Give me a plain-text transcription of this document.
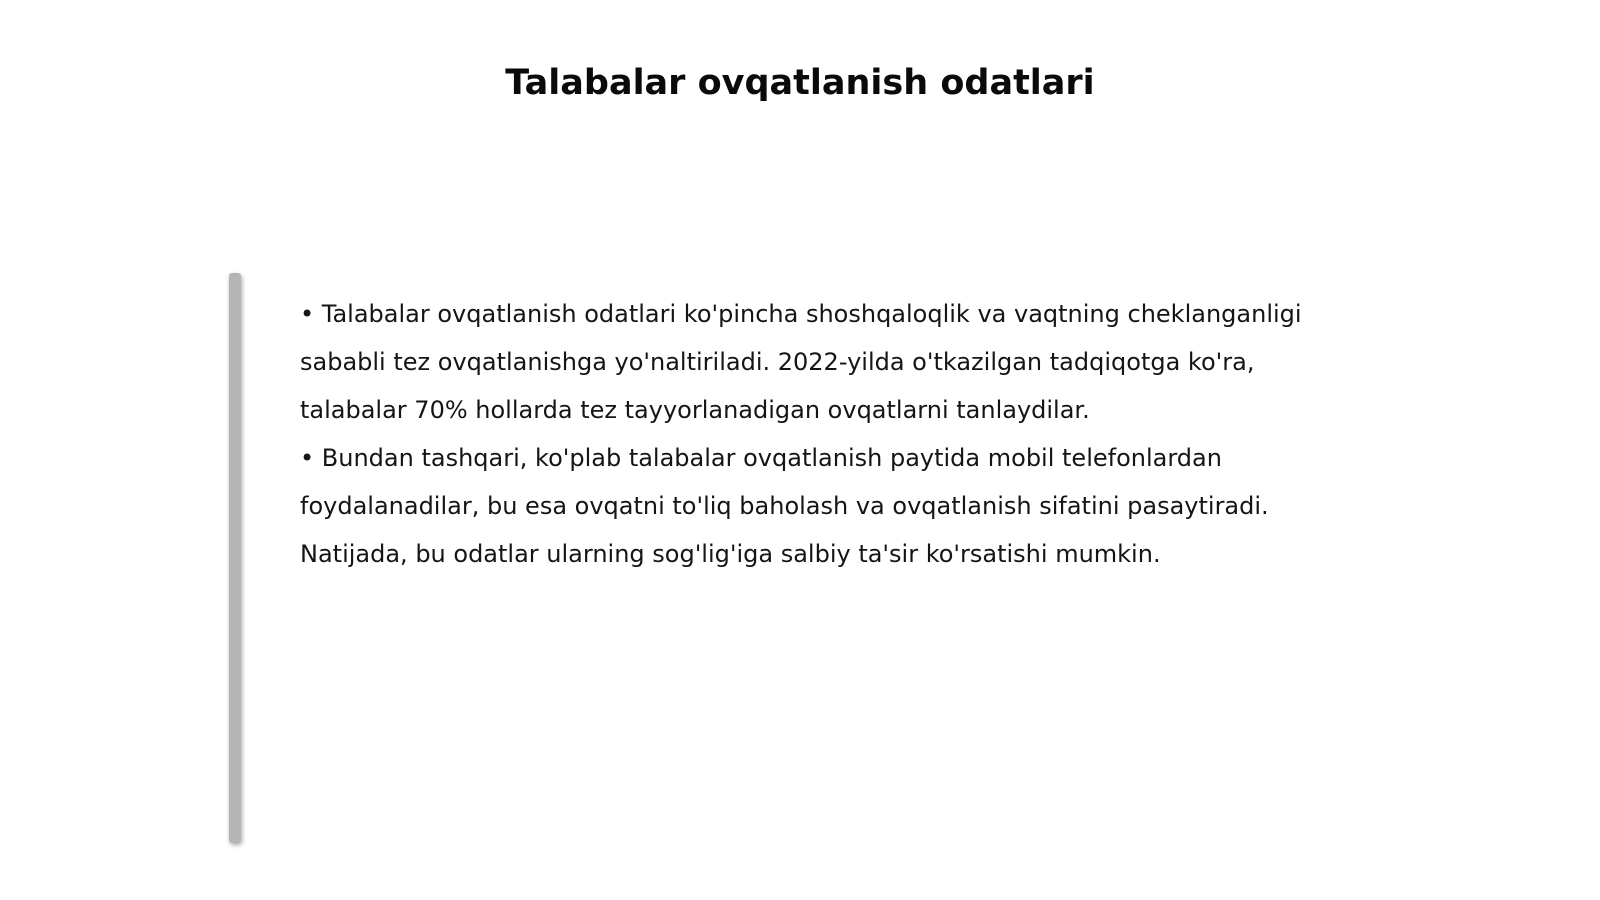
Talabalar ovqatlanish odatlari

• Talabalar ovqatlanish odatlari ko'pincha shoshqaloqlik va vaqtning cheklanganligi sababli tez ovqatlanishga yo'naltiriladi. 2022-yilda o'tkazilgan tadqiqotga ko'ra, talabalar 70% hollarda tez tayyorlanadigan ovqatlarni tanlaydilar.

• Bundan tashqari, ko'plab talabalar ovqatlanish paytida mobil telefonlardan foydalanadilar, bu esa ovqatni to'liq baholash va ovqatlanish sifatini pasaytiradi. Natijada, bu odatlar ularning sog'lig'iga salbiy ta'sir ko'rsatishi mumkin.
